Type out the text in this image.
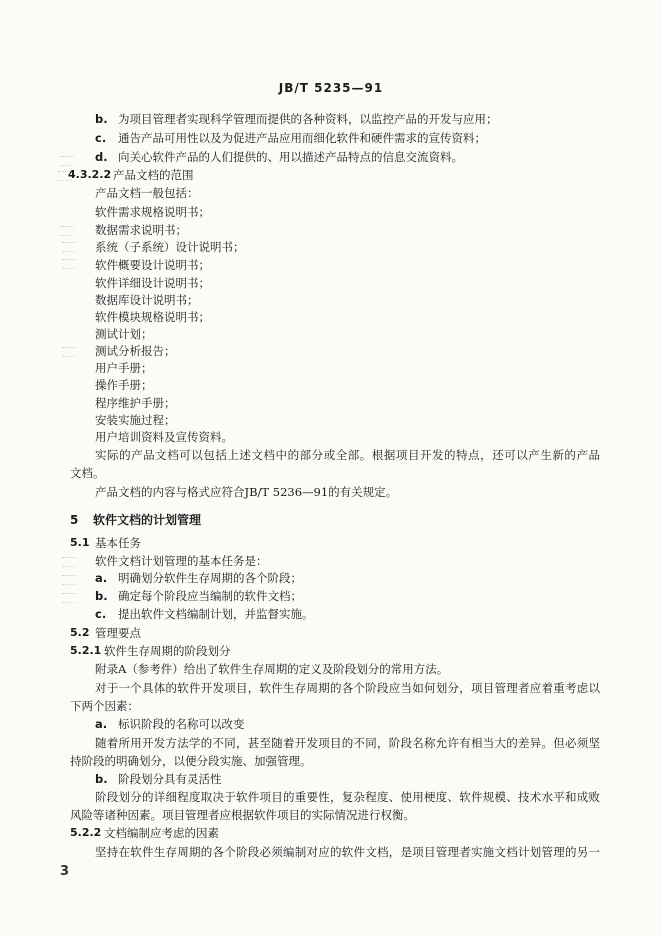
JB/T 5235—91
b. 为项目管理者实现科学管理而提供的各种资料，以监控产品的开发与应用；
c. 通告产品可用性以及为促进产品应用而细化软件和硬件需求的宣传资料；
d. 向关心软件产品的人们提供的、用以描述产品特点的信息交流资料。
4.3.2.2 产品文档的范围
产品文档一般包括：
软件需求规格说明书；
数据需求说明书；
系统（子系统）设计说明书；
软件概要设计说明书；
软件详细设计说明书；
数据库设计说明书；
软件模块规格说明书；
测试计划；
测试分析报告；
用户手册；
操作手册；
程序维护手册；
安装实施过程；
用户培训资料及宣传资料。
实际的产品文档可以包括上述文档中的部分或全部。根据项目开发的特点，还可以产生新的产品
文档。
产品文档的内容与格式应符合JB/T 5236—91的有关规定。
5 软件文档的计划管理
5.1 基本任务
软件文档计划管理的基本任务是：
a. 明确划分软件生存周期的各个阶段；
b. 确定每个阶段应当编制的软件文档；
c. 提出软件文档编制计划，并监督实施。
5.2 管理要点
5.2.1 软件生存周期的阶段划分
附录A（参考件）给出了软件生存周期的定义及阶段划分的常用方法。
对于一个具体的软件开发项目，软件生存周期的各个阶段应当如何划分，项目管理者应着重考虑以
下两个因素：
a. 标识阶段的名称可以改变
随着所用开发方法学的不同，甚至随着开发项目的不同，阶段名称允许有相当大的差异。但必须坚
持阶段的明确划分，以便分段实施、加强管理。
b. 阶段划分具有灵活性
阶段划分的详细程度取决于软件项目的重要性，复杂程度、使用梗度、软件规模、技术水平和成败
风险等诸种因素。项目管理者应根据软件项目的实际情况进行权衡。
5.2.2 文档编制应考虑的因素
坚持在软件生存周期的各个阶段必须编制对应的软件文档，是项目管理者实施文档计划管理的另一
3
